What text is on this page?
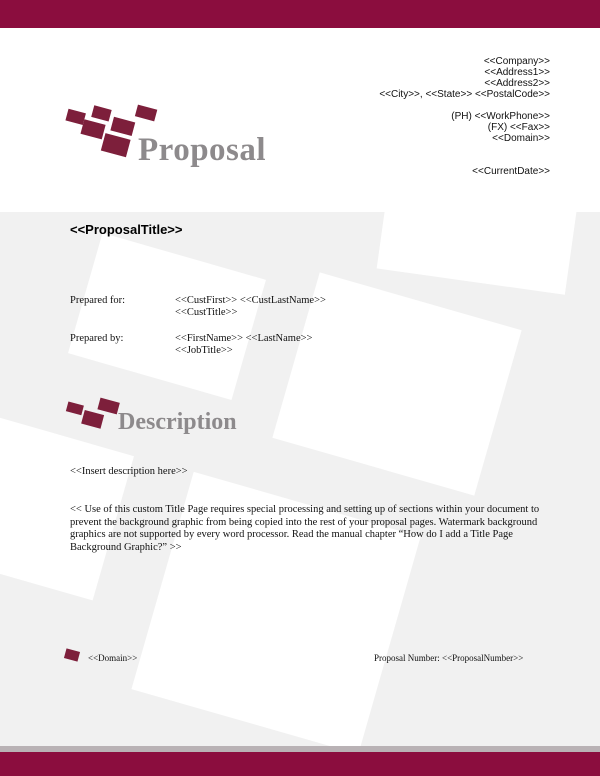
Proposal
<<Company>>
<<Address1>>
<<Address2>>
<<City>>, <<State>> <<PostalCode>>
(PH) <<WorkPhone>>
(FX) <<Fax>>
<<Domain>>
<<CurrentDate>>
<<ProposalTitle>>
Prepared for:	<<CustFirst>> <<CustLastName>>
<<CustTitle>>
Prepared by:	<<FirstName>> <<LastName>>
<<JobTitle>>
Description
<<Insert description here>>

<< Use of this custom Title Page requires special processing and setting up of sections within your document to prevent the background graphic from being copied into the rest of your proposal pages. Watermark background graphics are not supported by every word processor. Read the manual chapter “How do I add a Title Page Background Graphic?” >>

<<Domain>>	Proposal Number: <<ProposalNumber>>
